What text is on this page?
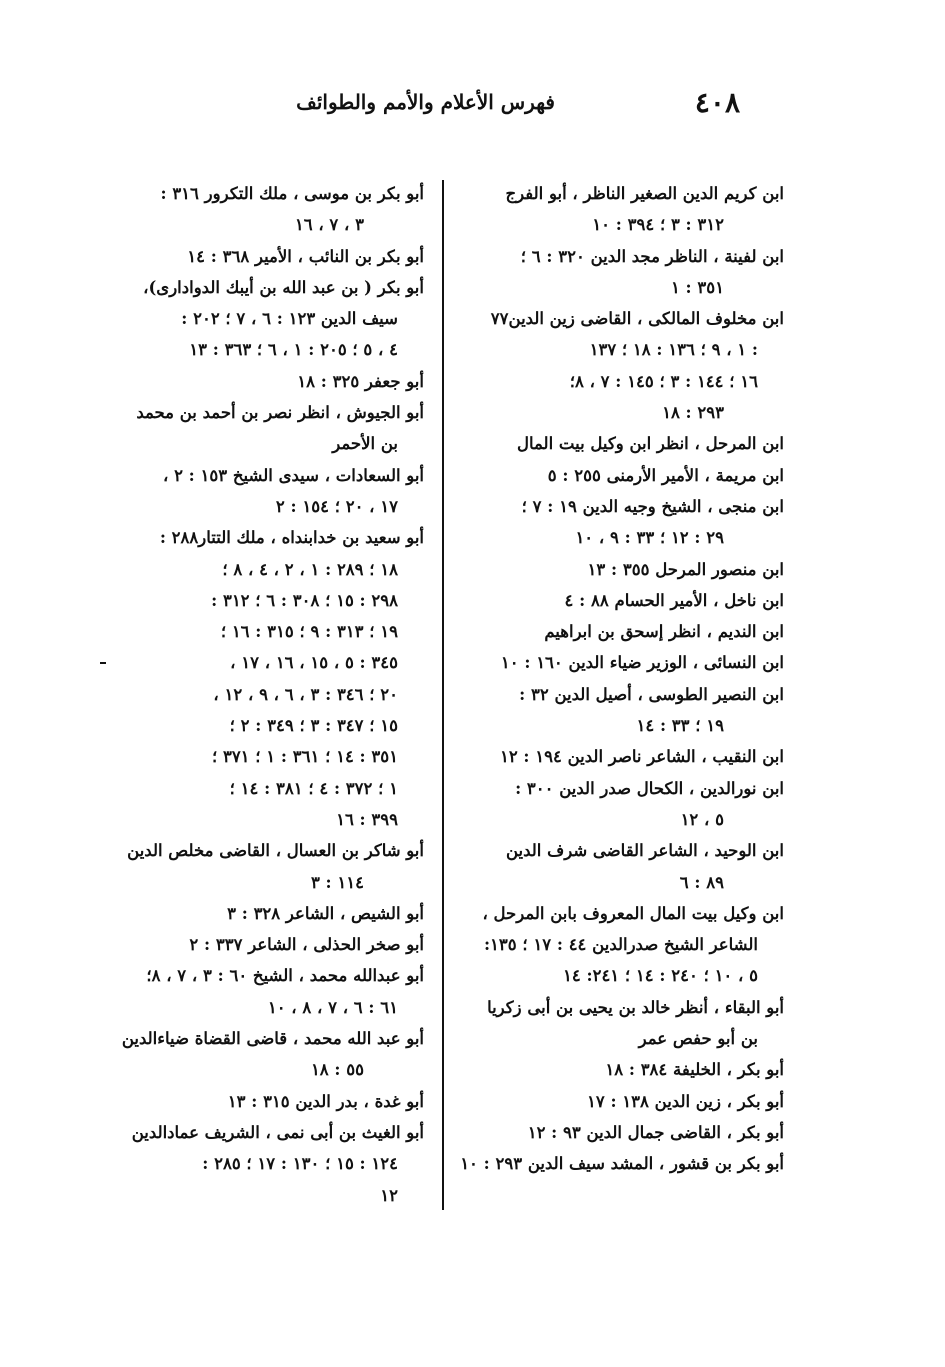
٤٠٨
فهرس الأعلام والأمم والطوائف
ابن كريم الدين الصغير الناظر ، أبو الفرج
٣١٢ : ٣ ؛ ٣٩٤ : ١٠
ابن لفينة ، الناظر مجد الدين ٣٢٠ : ٦ ؛
٣٥١ : ١
ابن مخلوف المالكى ، القاضى زين الدين٧٧
: ١ ، ٩ ؛ ١٣٦ : ١٨ ؛ ١٣٧
١٦ ؛ ١٤٤ : ٣ ؛ ١٤٥ : ٧ ، ٨؛
٢٩٣ : ١٨
ابن المرحل ، انظر ابن وكيل بيت المال
ابن مريمة ، الأمير الأرمنى ٢٥٥ : ٥
ابن منجى ، الشيخ وجيه الدين ١٩ : ٧ ؛
٢٩ : ١٢ ؛ ٣٣ : ٩ ، ١٠
ابن منصور المرحل ٣٥٥ : ١٣
ابن ناخل ، الأمير الحسام ٨٨ : ٤
ابن النديم ، انظر إسحق بن ابراهيم
ابن النسائى ، الوزير ضياء الدين ١٦٠ : ١٠
ابن النصير الطوسى ، أصيل الدين ٣٢ :
١٩ ؛ ٣٣ : ١٤
ابن النقيب ، الشاعر ناصر الدين ١٩٤ : ١٢
ابن نورالدين ، الكحال صدر الدين ٣٠٠ :
٥ ، ١٢
ابن الوحيد ، الشاعر القاضى شرف الدين
٨٩ : ٦
ابن وكيل بيت المال المعروف بابن المرحل ،
الشاعر الشيخ صدرالدين ٤٤ : ١٧ ؛ ١٣٥:
٥ ، ١٠ ؛ ٢٤٠ : ١٤ ؛ ٢٤١: ١٤
أبو البقاء ، أنظر خالد بن يحيى بن أبى زكريا
بن أبو حفص عمر
أبو بكر ، الخليفة ٣٨٤ : ١٨
أبو بكر ، زين الدين ١٣٨ : ١٧
أبو بكر ، القاضى جمال الدين ٩٣ : ١٢
أبو بكر بن قشور ، المشد سيف الدين ٢٩٣ : ١٠
أبو بكر بن موسى ، ملك التكرور ٣١٦ :
٣ ، ٧ ، ١٦
أبو بكر بن النائب ، الأمير ٣٦٨ : ١٤
أبو بكر ( بن عبد الله بن أيبك الدوادارى)،
سيف الدين ١٢٣ : ٦ ، ٧ ؛ ٢٠٢ :
٤ ، ٥ ؛ ٢٠٥ : ١ ، ٦ ؛ ٣٦٣ : ١٣
أبو جعفر ٣٢٥ : ١٨
أبو الجيوش ، انظر نصر بن أحمد بن محمد
بن الأحمر
أبو السعادات ، سيدى الشيخ ١٥٣ : ٢ ،
١٧ ، ٢٠ ؛ ١٥٤ : ٢
أبو سعيد بن خدابنداه ، ملك التتار٢٨٨ :
١٨ ؛ ٢٨٩ : ١ ، ٢ ، ٤ ، ٨ ؛
٢٩٨ : ١٥ ؛ ٣٠٨ : ٦ ؛ ٣١٢ :
١٩ ؛ ٣١٣ : ٩ ؛ ٣١٥ : ١٦ ؛
٣٤٥ : ٥ ، ١٥ ، ١٦ ، ١٧ ،
٢٠ ؛ ٣٤٦ : ٣ ، ٦ ، ٩ ، ١٢ ،
١٥ ؛ ٣٤٧ : ٣ ؛ ٣٤٩ : ٢ ؛
٣٥١ : ١٤ ؛ ٣٦١ : ١ ؛ ٣٧١ ؛
١ ؛ ٣٧٢ : ٤ ؛ ٣٨١ : ١٤ ؛
٣٩٩ : ١٦
أبو شاكر بن العسال ، القاضى مخلص الدين
١١٤ : ٣
أبو الشيص ، الشاعر ٣٢٨ : ٣
أبو صخر الحذلى ، الشاعر ٣٣٧ : ٢
أبو عبدالله محمد ، الشيخ ٦٠ : ٣ ، ٧ ، ٨؛
٦١ : ٦ ، ٧ ، ٨ ، ١٠
أبو عبد الله محمد ، قاضى القضاة ضياءالدين
٥٥ : ١٨
أبو غدة ، بدر الدين ٣١٥ : ١٣
أبو الغيث بن أبى نمى ، الشريف عمادالدين
١٢٤ : ١٥ ؛ ١٣٠ : ١٧ ؛ ٢٨٥ :
١٢
